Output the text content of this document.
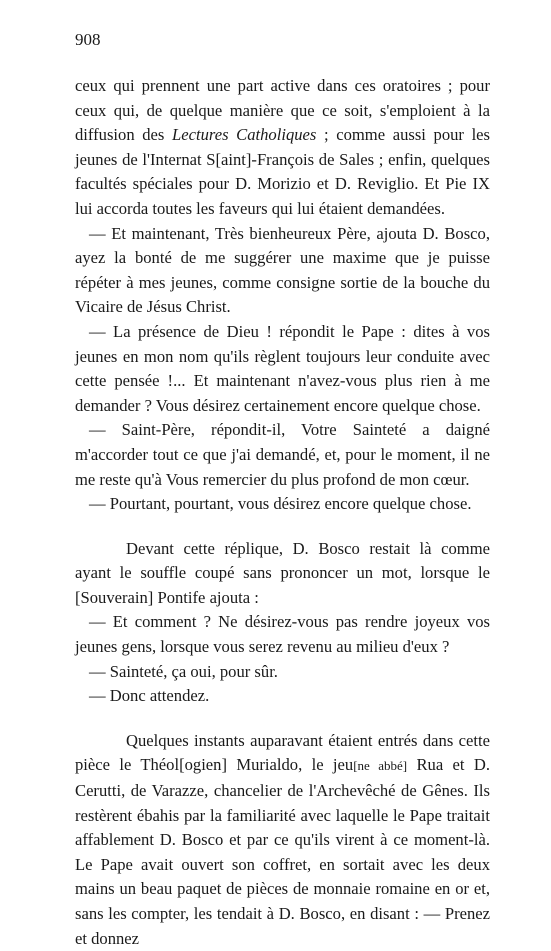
908

ceux qui prennent une part active dans ces oratoires ; pour ceux qui, de quelque manière que ce soit, s'emploient à la diffusion des Lectures Catholiques ; comme aussi pour les jeunes de l'Internat S[aint]-François de Sales ; enfin, quelques facultés spéciales pour D. Morizio et D. Reviglio. Et Pie IX lui accorda toutes les faveurs qui lui étaient demandées.

— Et maintenant, Très bienheureux Père, ajouta D. Bosco, ayez la bonté de me suggérer une maxime que je puisse répéter à mes jeunes, comme consigne sortie de la bouche du Vicaire de Jésus Christ.

— La présence de Dieu ! répondit le Pape : dites à vos jeunes en mon nom qu'ils règlent toujours leur conduite avec cette pensée !... Et maintenant n'avez-vous plus rien à me demander ? Vous désirez certainement encore quelque chose.

— Saint-Père, répondit-il, Votre Sainteté a daigné m'accorder tout ce que j'ai demandé, et, pour le moment, il ne me reste qu'à Vous remercier du plus profond de mon cœur.

— Pourtant, pourtant, vous désirez encore quelque chose.

Devant cette réplique, D. Bosco restait là comme ayant le souffle coupé sans prononcer un mot, lorsque le [Souverain] Pontife ajouta :

— Et comment ? Ne désirez-vous pas rendre joyeux vos jeunes gens, lorsque vous serez revenu au milieu d'eux ?

— Sainteté, ça oui, pour sûr.

— Donc attendez.

Quelques instants auparavant étaient entrés dans cette pièce le Théol[ogien] Murialdo, le jeu[ne abbé] Rua et D. Cerutti, de Varazze, chancelier de l'Archevêché de Gênes. Ils restèrent ébahis par la familiarité avec laquelle le Pape traitait affablement D. Bosco et par ce qu'ils virent à ce moment-là. Le Pape avait ouvert son coffret, en sortait avec les deux mains un beau paquet de pièces de monnaie romaine en or et, sans les compter, les tendait à D. Bosco, en disant : — Prenez et donnez
